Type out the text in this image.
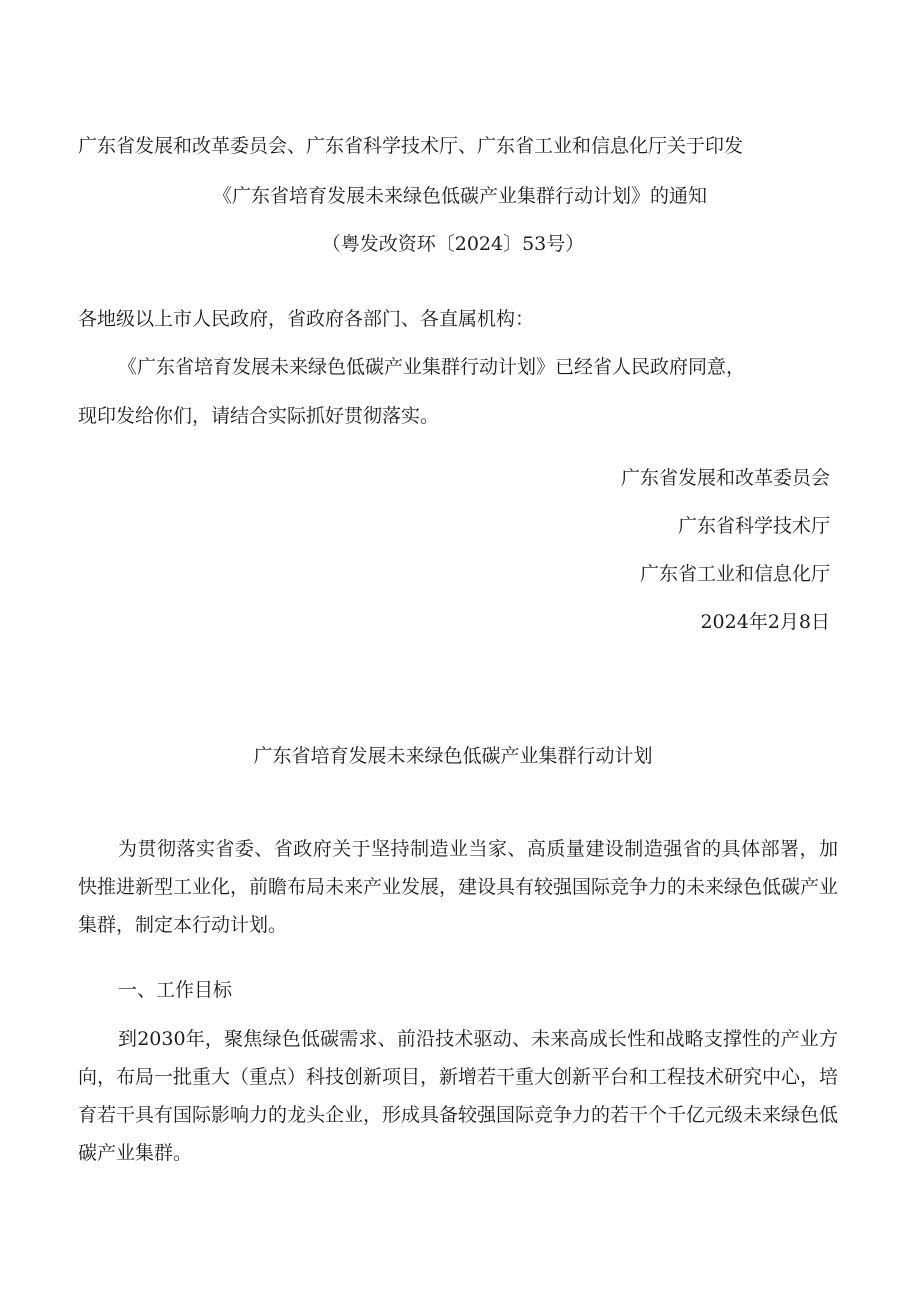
广东省发展和改革委员会、广东省科学技术厅、广东省工业和信息化厅关于印发
《广东省培育发展未来绿色低碳产业集群行动计划》的通知
（粤发改资环〔2024〕53号）
各地级以上市人民政府，省政府各部门、各直属机构：
《广东省培育发展未来绿色低碳产业集群行动计划》已经省人民政府同意，
现印发给你们，请结合实际抓好贯彻落实。
广东省发展和改革委员会
广东省科学技术厅
广东省工业和信息化厅
2024年2月8日
广东省培育发展未来绿色低碳产业集群行动计划
为贯彻落实省委、省政府关于坚持制造业当家、高质量建设制造强省的具体部署，加快推进新型工业化，前瞻布局未来产业发展，建设具有较强国际竞争力的未来绿色低碳产业集群，制定本行动计划。
一、工作目标
到2030年，聚焦绿色低碳需求、前沿技术驱动、未来高成长性和战略支撑性的产业方向，布局一批重大（重点）科技创新项目，新增若干重大创新平台和工程技术研究中心，培育若干具有国际影响力的龙头企业，形成具备较强国际竞争力的若干个千亿元级未来绿色低碳产业集群。
